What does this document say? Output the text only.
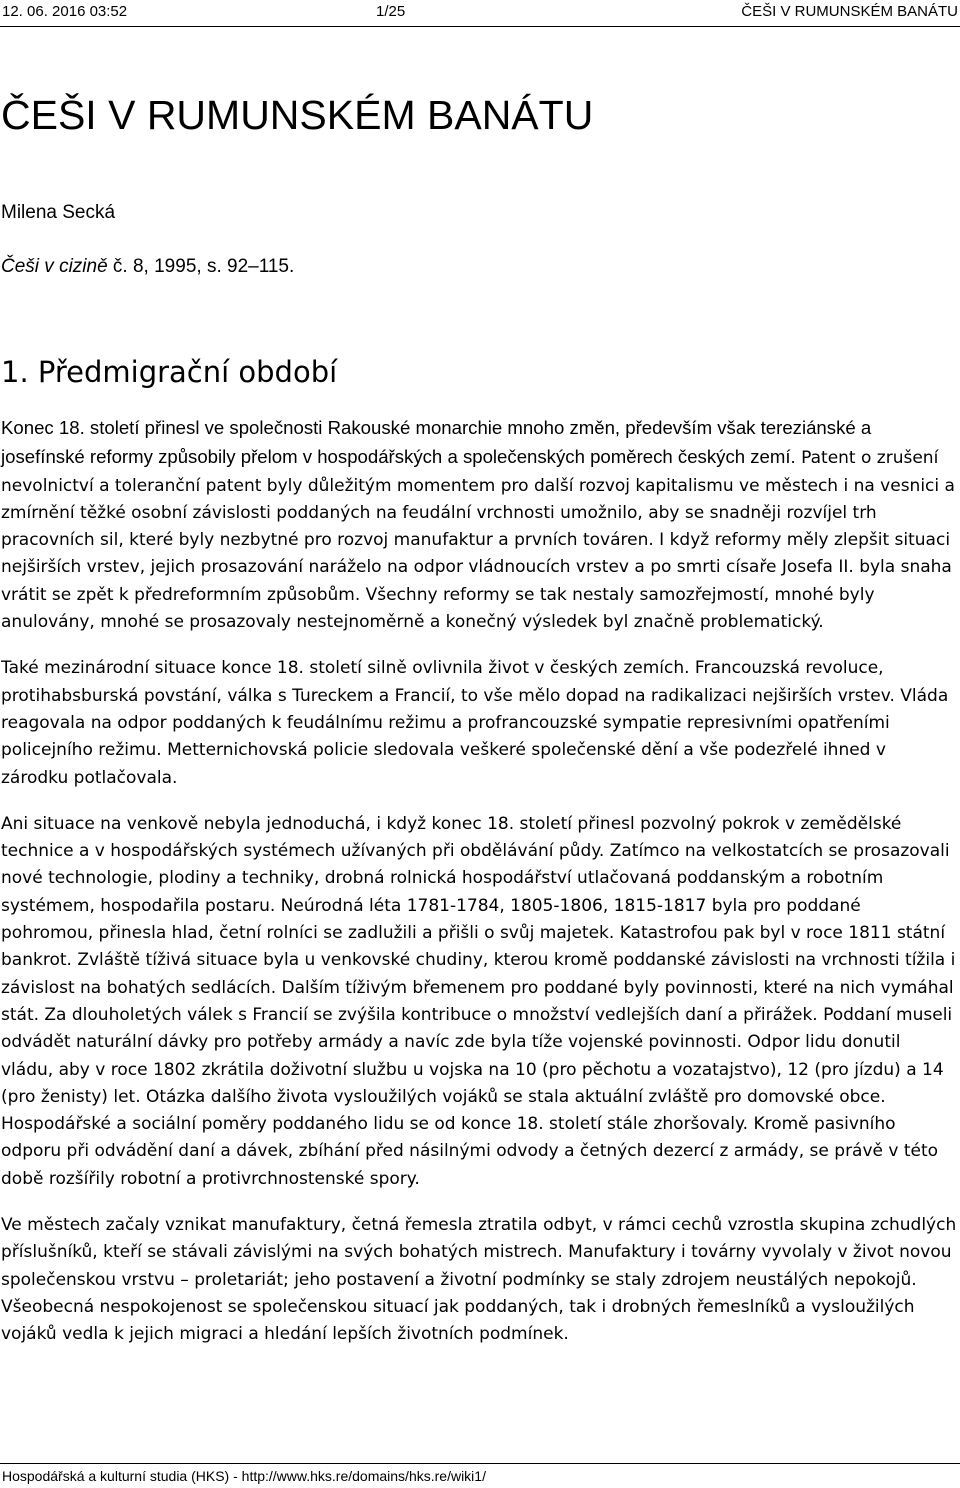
12. 06. 2016 03:52	1/25	ČEŠI V RUMUNSKÉM BANÁTU
ČEŠI V RUMUNSKÉM BANÁTU
Milena Secká
Češi v cizině č. 8, 1995, s. 92–115.
1. Předmigrační období

Konec 18. století přinesl ve společnosti Rakouské monarchie mnoho změn, především však tereziánské a josefínské reformy způsobily přelom v hospodářských a společenských poměrech českých zemí. Patent o zrušení nevolnictví a toleranční patent byly důležitým momentem pro další rozvoj kapitalismu ve městech i na vesnici a zmírnění těžké osobní závislosti poddaných na feudální vrchnosti umožnilo, aby se snadněji rozvíjel trh pracovních sil, které byly nezbytné pro rozvoj manufaktur a prvních továren. I když reformy měly zlepšit situaci nejširších vrstev, jejich prosazování naráželo na odpor vládnoucích vrstev a po smrti císaře Josefa II. byla snaha vrátit se zpět k předreformním způsobům. Všechny reformy se tak nestaly samozřejmostí, mnohé byly anulovány, mnohé se prosazovaly nestejnoměrně a konečný výsledek byl značně problematický.

Také mezinárodní situace konce 18. století silně ovlivnila život v českých zemích. Francouzská revoluce, protihabsburská povstání, válka s Tureckem a Francií, to vše mělo dopad na radikalizaci nejširších vrstev. Vláda reagovala na odpor poddaných k feudálnímu režimu a profrancouzské sympatie represivními opatřeními policejního režimu. Metternichovská policie sledovala veškeré společenské dění a vše podezřelé ihned v zárodku potlačovala.

Ani situace na venkově nebyla jednoduchá, i když konec 18. století přinesl pozvolný pokrok v zemědělské technice a v hospodářských systémech užívaných při obdělávání půdy. Zatímco na velkostatcích se prosazovali nové technologie, plodiny a techniky, drobná rolnická hospodářství utlačovaná poddanským a robotním systémem, hospodařila postaru. Neúrodná léta 1781-1784, 1805-1806, 1815-1817 byla pro poddané pohromou, přinesla hlad, četní rolníci se zadlužili a přišli o svůj majetek. Katastrofou pak byl v roce 1811 státní bankrot. Zvláště tíživá situace byla u venkovské chudiny, kterou kromě poddanské závislosti na vrchnosti tížila i závislost na bohatých sedlácích. Dalším tíživým břemenem pro poddané byly povinnosti, které na nich vymáhal stát. Za dlouholetých válek s Francií se zvýšila kontribuce o množství vedlejších daní a přirážek. Poddaní museli odvádět naturální dávky pro potřeby armády a navíc zde byla tíže vojenské povinnosti. Odpor lidu donutil vládu, aby v roce 1802 zkrátila doživotní službu u vojska na 10 (pro pěchotu a vozatajstvo), 12 (pro jízdu) a 14 (pro ženisty) let. Otázka dalšího života vysloužilých vojáků se stala aktuální zvláště pro domovské obce. Hospodářské a sociální poměry poddaného lidu se od konce 18. století stále zhoršovaly. Kromě pasivního odporu při odvádění daní a dávek, zbíhání před násilnými odvody a četných dezercí z armády, se právě v této době rozšířily robotní a protivrchnostenské spory.

Ve městech začaly vznikat manufaktury, četná řemesla ztratila odbyt, v rámci cechů vzrostla skupina zchudlých příslušníků, kteří se stávali závislými na svých bohatých mistrech. Manufaktury i továrny vyvolaly v život novou společenskou vrstvu – proletariát; jeho postavení a životní podmínky se staly zdrojem neustálých nepokojů. Všeobecná nespokojenost se společenskou situací jak poddaných, tak i drobných řemeslníků a vysloužilých vojáků vedla k jejich migraci a hledání lepších životních podmínek.

Hospodářská a kulturní studia (HKS) - http://www.hks.re/domains/hks.re/wiki1/
